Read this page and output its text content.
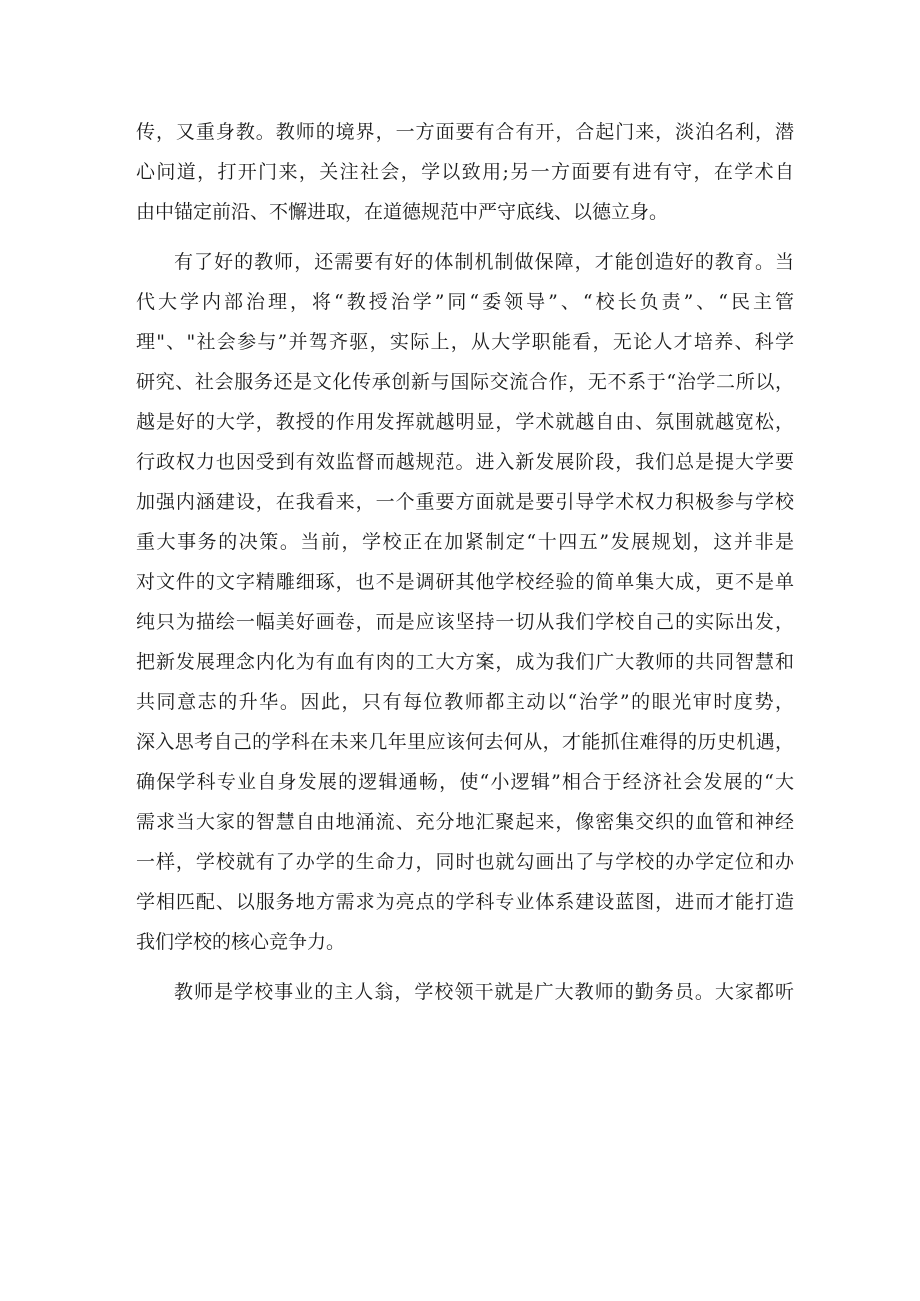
传，又重身教。教师的境界，一方面要有合有开，合起门来，淡泊名利，潜
心问道，打开门来，关注社会，学以致用;另一方面要有进有守，在学术自
由中锚定前沿、不懈进取，在道德规范中严守底线、以德立身。
有了好的教师，还需要有好的体制机制做保障，才能创造好的教育。当
代大学内部治理，将“教授治学”同“委领导”、“校长负责”、“民主管
理"、"社会参与”并驾齐驱，实际上，从大学职能看，无论人才培养、科学
研究、社会服务还是文化传承创新与国际交流合作，无不系于“治学二所以，
越是好的大学，教授的作用发挥就越明显，学术就越自由、氛围就越宽松，
行政权力也因受到有效监督而越规范。进入新发展阶段，我们总是提大学要
加强内涵建设，在我看来，一个重要方面就是要引导学术权力积极参与学校
重大事务的决策。当前，学校正在加紧制定“十四五”发展规划，这并非是
对文件的文字精雕细琢，也不是调研其他学校经验的简单集大成，更不是单
纯只为描绘一幅美好画卷，而是应该坚持一切从我们学校自己的实际出发，
把新发展理念内化为有血有肉的工大方案，成为我们广大教师的共同智慧和
共同意志的升华。因此，只有每位教师都主动以“治学”的眼光审时度势，
深入思考自己的学科在未来几年里应该何去何从，才能抓住难得的历史机遇，
确保学科专业自身发展的逻辑通畅，使“小逻辑”相合于经济社会发展的“大
需求当大家的智慧自由地涌流、充分地汇聚起来，像密集交织的血管和神经
一样，学校就有了办学的生命力，同时也就勾画出了与学校的办学定位和办
学相匹配、以服务地方需求为亮点的学科专业体系建设蓝图，进而才能打造
我们学校的核心竞争力。
教师是学校事业的主人翁，学校领干就是广大教师的勤务员。大家都听
